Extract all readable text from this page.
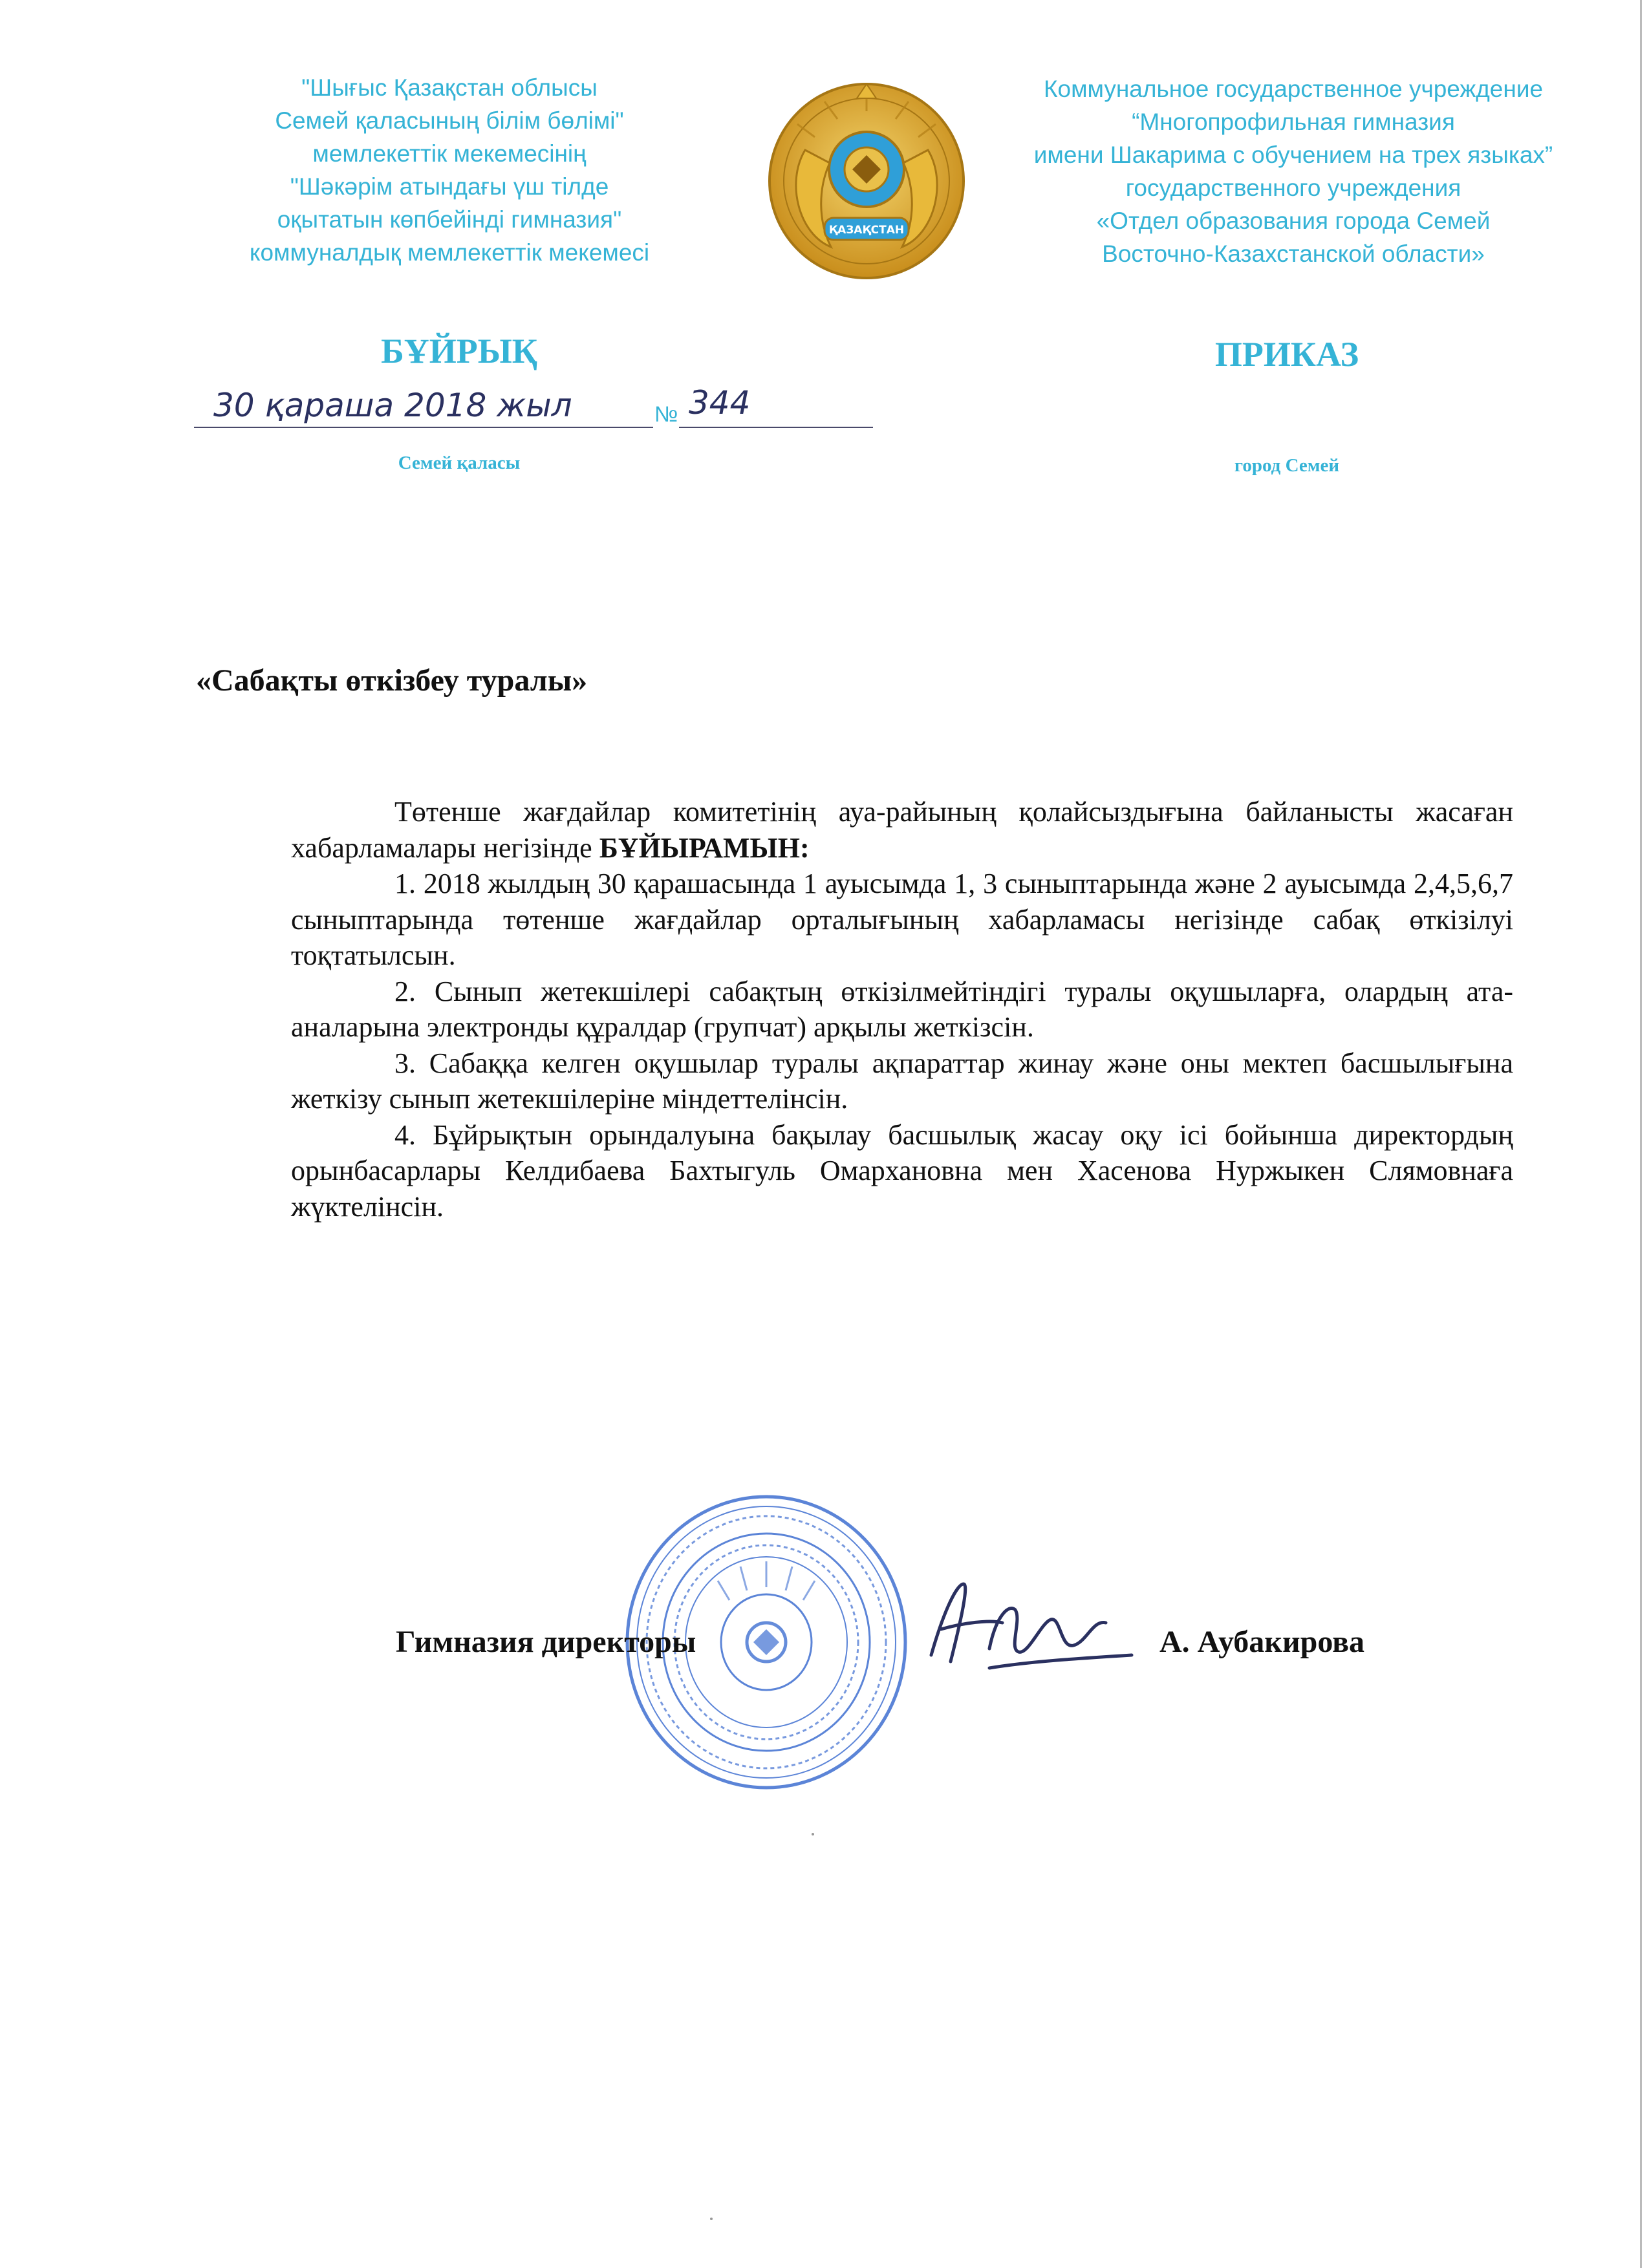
"Шығыс Қазақстан облысы
Семей қаласының білім бөлімі"
мемлекеттік мекемесінің
"Шәкәрім атындағы үш тілде
оқытатын көпбейінді гимназия"
коммуналдық мемлекеттік мекемесі
ҚАЗАҚСТАН
Коммунальное государственное учреждение
“Многопрофильная гимназия
имени Шакарима с обучением на трех языках”
государственного учреждения
«Отдел образования города Семей
Восточно-Казахстанской области»
БҰЙРЫҚ	ПРИКАЗ
30 қараша 2018 жыл	№ 344
Семей қаласы	город Семей
«Сабақты өткізбеу туралы»

Төтенше жағдайлар комитетінің ауа-райының қолайсыздығына байланысты жасаған хабарламалары негізінде БҰЙЫРАМЫН:

1. 2018 жылдың 30 қарашасында 1 ауысымда 1, 3 сыныптарында және 2 ауысымда 2,4,5,6,7 сыныптарында төтенше жағдайлар орталығының хабарламасы негізінде сабақ өткізілуі тоқтатылсын.

2. Сынып жетекшілері сабақтың өткізілмейтіндігі туралы оқушыларға, олардың ата-аналарына электронды құралдар (групчат) арқылы жеткізсін.

3. Сабаққа келген оқушылар туралы ақпараттар жинау және оны мектеп басшылығына жеткізу сынып жетекшілеріне міндеттелінсін.

4. Бұйрықтын орындалуына бақылау басшылық жасау оқу ісі бойынша директордың орынбасарлары Келдибаева Бахтыгуль Омархановна мен Хасенова Нуржыкен Слямовнаға жүктелінсін.

Гимназия директоры	А. Аубакирова
